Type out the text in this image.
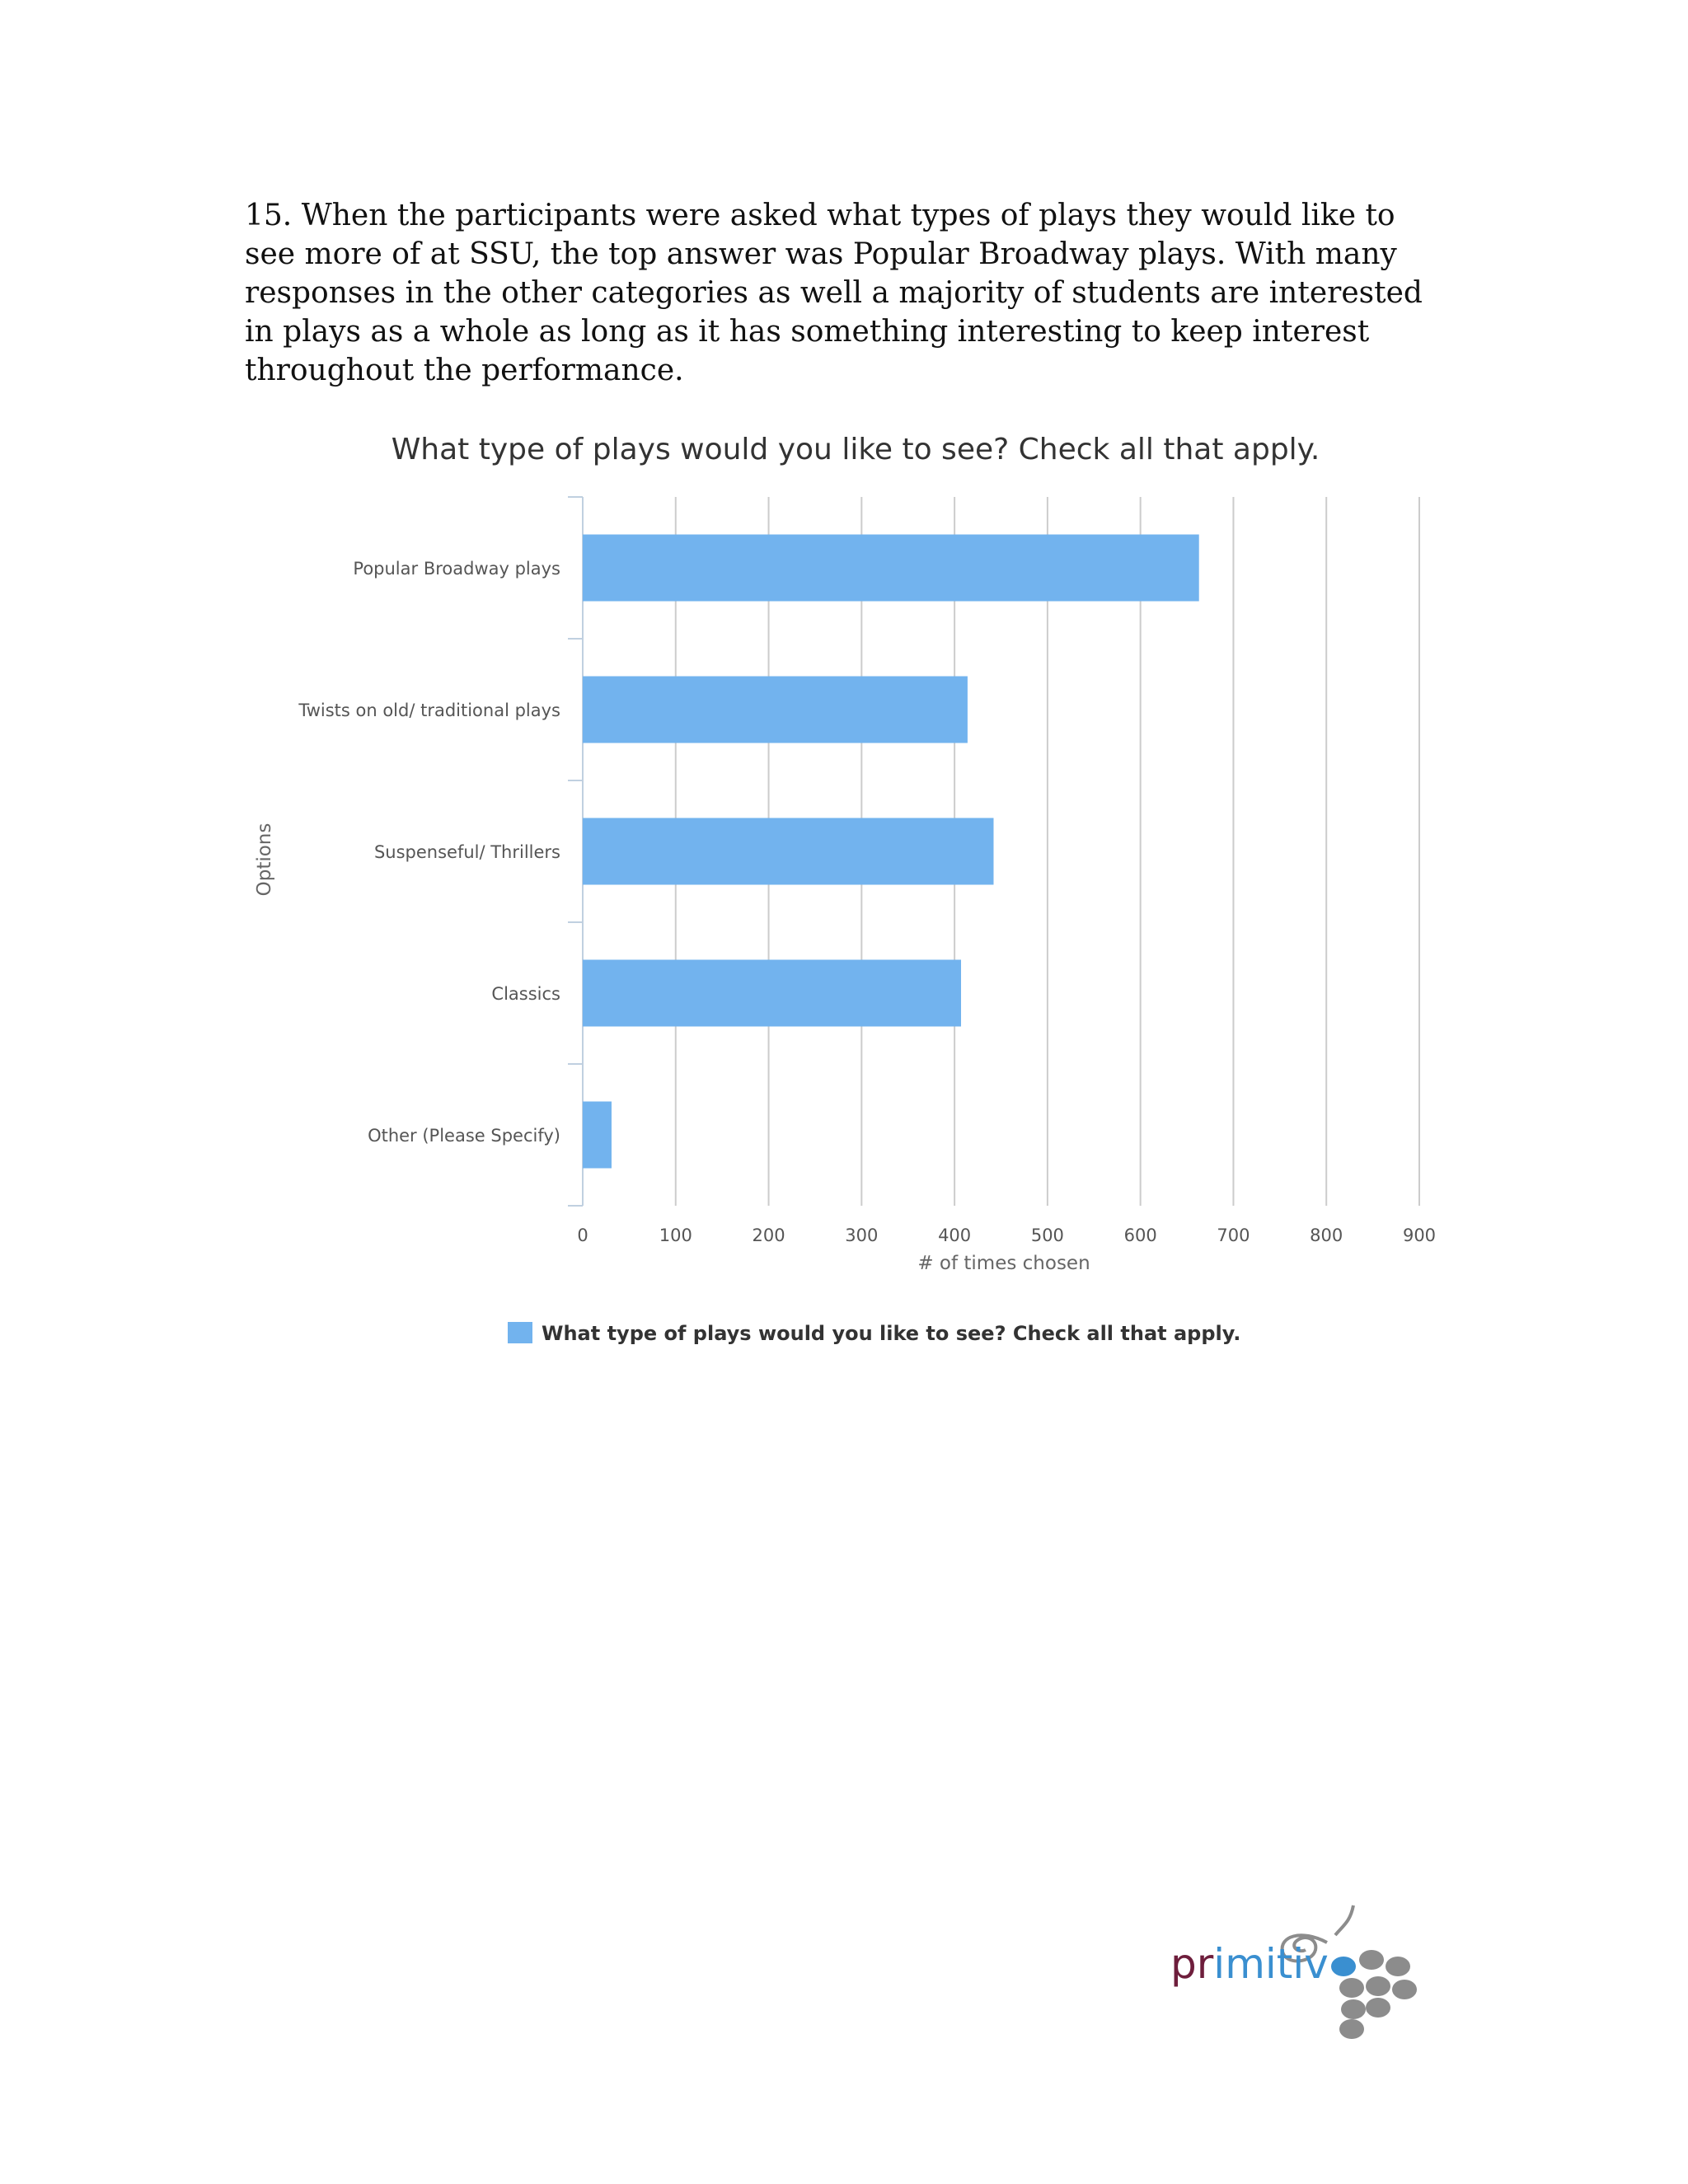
15. When the participants were asked what types of plays they would like to see more of at SSU, the top answer was Popular Broadway plays. With many responses in the other categories as well a majority of students are interested in plays as a whole as long as it has something interesting to keep interest throughout the performance.

What type of plays would you like to see? Check all that apply.
Popular Broadway plays
Twists on old/ traditional plays
Suspenseful/ Thrillers
Classics
Other (Please Specify)
0	100	200	300	400	500	600	700	800	900
# of times chosen
Options
What type of plays would you like to see? Check all that apply.
primitiv
